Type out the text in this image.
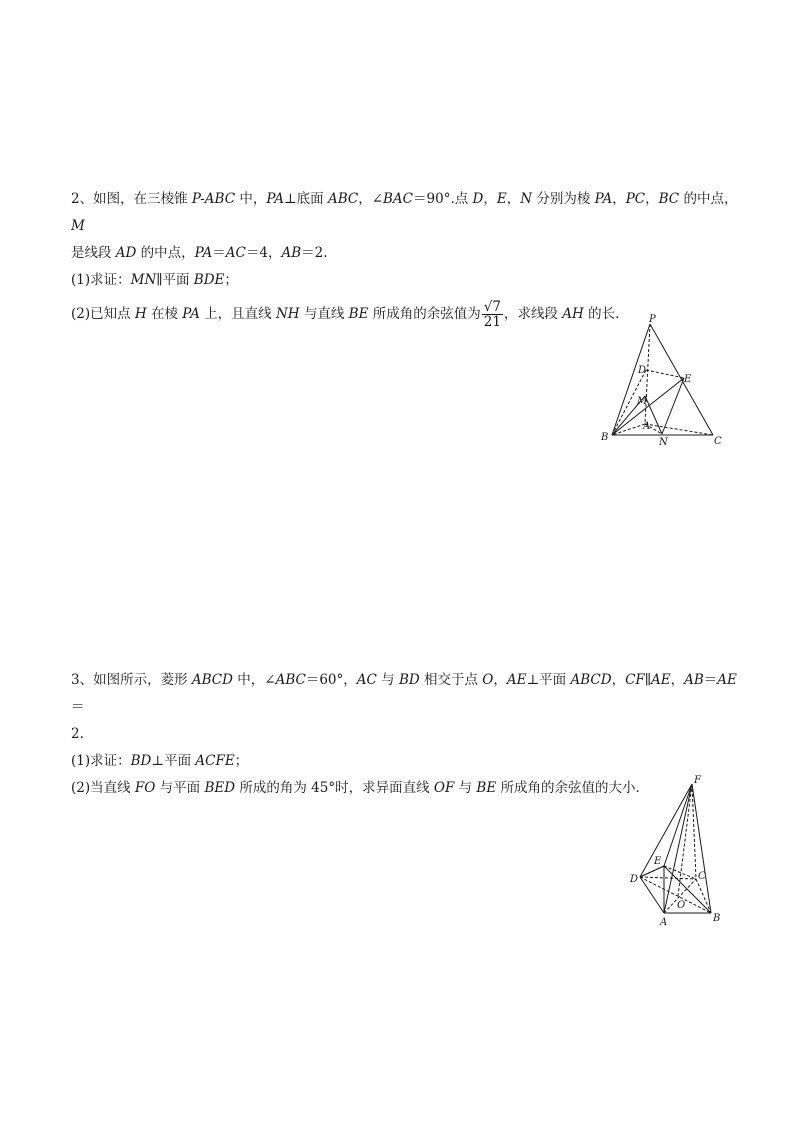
2、如图，在三棱锥 P-ABC 中，PA⊥底面 ABC，∠BAC＝90°.点 D，E，N 分别为棱 PA，PC，BC 的中点，M

是线段 AD 的中点，PA＝AC＝4，AB＝2.

(1)求证：MN∥平面 BDE；

(2)已知点 H 在棱 PA 上，且直线 NH 与直线 BE 所成角的余弦值为 $\frac{√7}{21}$ ，求线段 AH 的长．	P
D
E
M
A
B	N	C

3、如图所示，菱形 ABCD 中，∠ABC＝60°，AC 与 BD 相交于点 O，AE⊥平面 ABCD，CF∥AE，AB＝AE＝

2.

(1)求证：BD⊥平面 ACFE；

(2)当直线 FO 与平面 BED 所成的角为 45°时，求异面直线 OF 与 BE 所成角的余弦值的大小．	F
E
C
D
O
A	B
